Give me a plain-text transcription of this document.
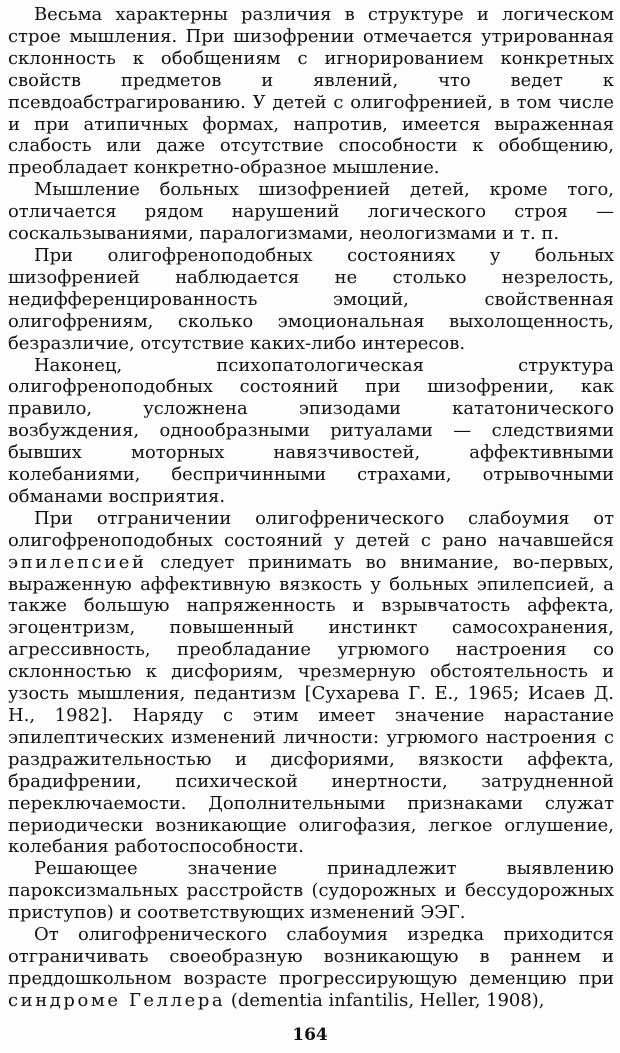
Весьма характерны различия в структуре и логическом строе мышления. При шизофрении отмечается утрированная склонность к обобщениям с игнорированием конкретных свойств предметов и явлений, что ведет к псевдоабстрагированию. У детей с олигофренией, в том числе и при атипичных формах, напротив, имеется выраженная слабость или даже отсутствие способности к обобщению, преобладает конкретно-образное мышление.

Мышление больных шизофренией детей, кроме того, отличается рядом нарушений логического строя — соскальзываниями, паралогизмами, неологизмами и т. п.

При олигофреноподобных состояниях у больных шизофренией наблюдается не столько незрелость, недифференцированность эмоций, свойственная олигофрениям, сколько эмоциональная выхолощенность, безразличие, отсутствие каких-либо интересов.

Наконец, психопатологическая структура олигофреноподобных состояний при шизофрении, как правило, усложнена эпизодами кататонического возбуждения, однообразными ритуалами — следствиями бывших моторных навязчивостей, аффективными колебаниями, беспричинными страхами, отрывочными обманами восприятия.

При отграничении олигофренического слабоумия от олигофреноподобных состояний у детей с рано начавшейся эпилепсией следует принимать во внимание, во-первых, выраженную аффективную вязкость у больных эпилепсией, а также большую напряженность и взрывчатость аффекта, эгоцентризм, повышенный инстинкт самосохранения, агрессивность, преобладание угрюмого настроения со склонностью к дисфориям, чрезмерную обстоятельность и узость мышления, педантизм [Сухарева Г. Е., 1965; Исаев Д. Н., 1982]. Наряду с этим имеет значение нарастание эпилептических изменений личности: угрюмого настроения с раздражительностью и дисфориями, вязкости аффекта, брадифрении, психической инертности, затрудненной переключаемости. Дополнительными признаками служат периодически возникающие олигофазия, легкое оглушение, колебания работоспособности.

Решающее значение принадлежит выявлению пароксизмальных расстройств (судорожных и бессудорожных приступов) и соответствующих изменений ЭЭГ.

От олигофренического слабоумия изредка приходится отграничивать своеобразную возникающую в раннем и преддошкольном возрасте прогрессирующую деменцию при синдроме Геллера (dementia infantilis, Heller, 1908),

164
